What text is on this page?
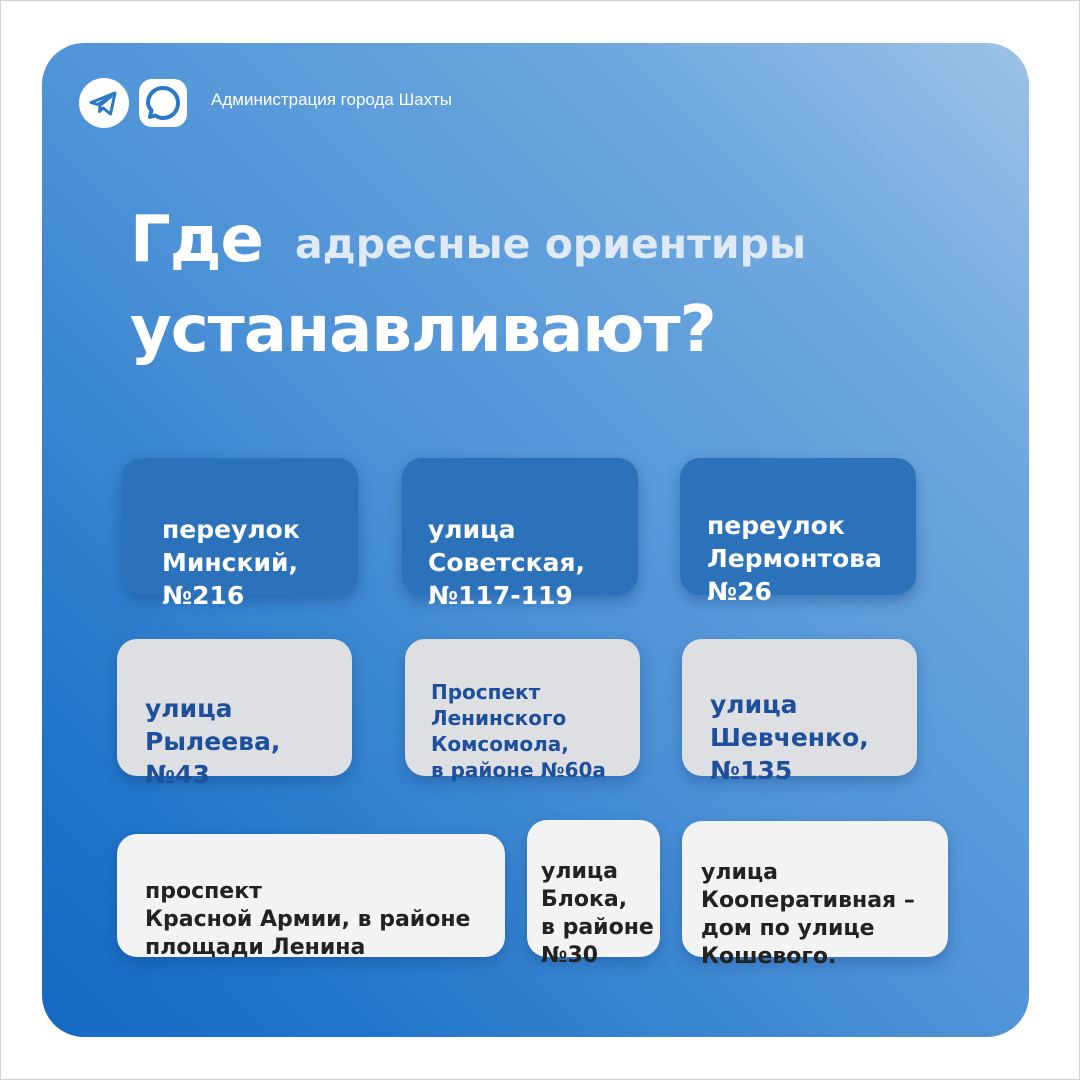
Администрация города Шахты
Где адресные ориентиры
устанавливают?

переулок
Минский,
№216

улица
Советская,
№117-119

переулок
Лермонтова
№26

улица
Рылеева,
№43

Проспект
Ленинского
Комсомола,
в районе №60а

улица
Шевченко,
№135

проспект
Красной Армии, в районе
площади Ленина

улица
Блока,
в районе
№30

улица
Кооперативная –
дом по улице
Кошевого.
